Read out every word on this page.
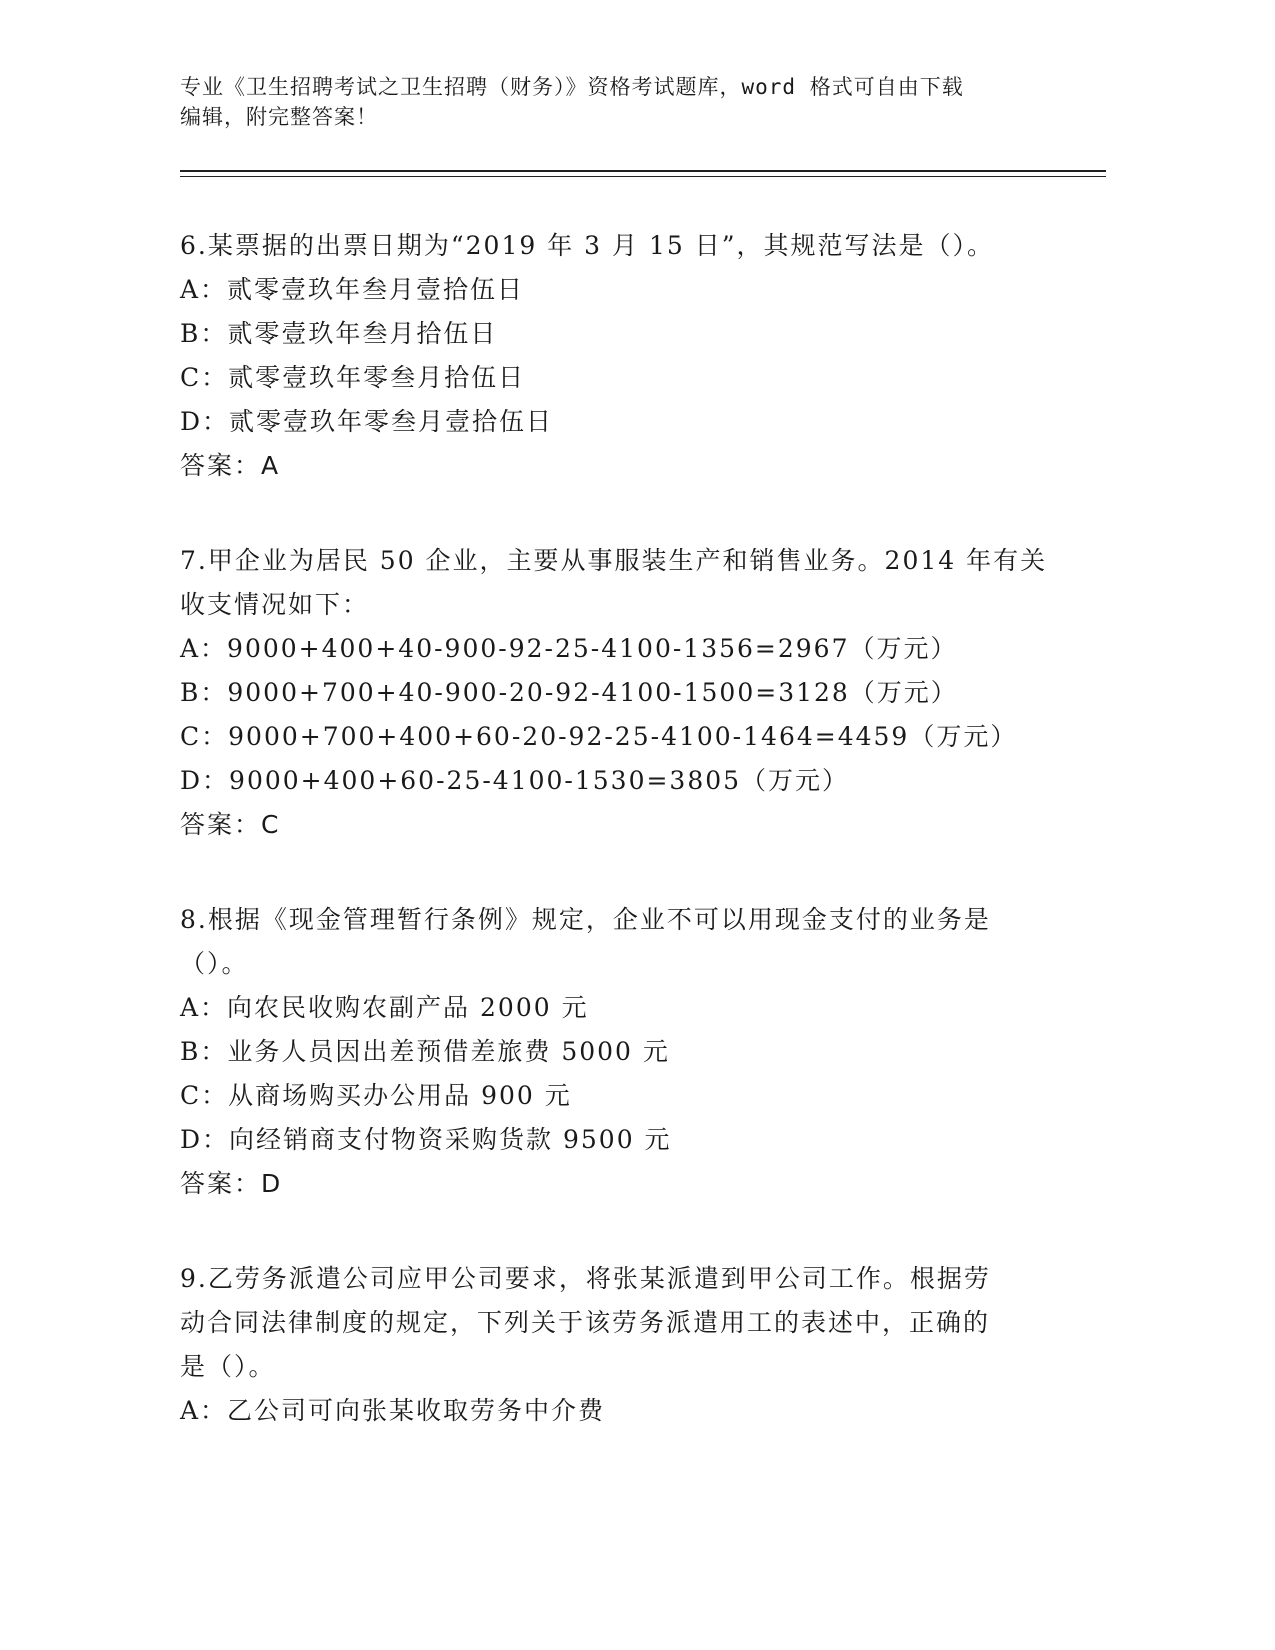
专业《卫生招聘考试之卫生招聘（财务）》资格考试题库，word 格式可自由下载
编辑，附完整答案！
6.某票据的出票日期为“2019 年 3 月 15 日”，其规范写法是（）。
A：贰零壹玖年叁月壹拾伍日
B：贰零壹玖年叁月拾伍日
C：贰零壹玖年零叁月拾伍日
D：贰零壹玖年零叁月壹拾伍日
答案：A
7.甲企业为居民 50 企业，主要从事服装生产和销售业务。2014 年有关
收支情况如下：
A：9000+400+40-900-92-25-4100-1356=2967（万元）
B：9000+700+40-900-20-92-4100-1500=3128（万元）
C：9000+700+400+60-20-92-25-4100-1464=4459（万元）
D：9000+400+60-25-4100-1530=3805（万元）
答案：C
8.根据《现金管理暂行条例》规定，企业不可以用现金支付的业务是
（）。
A：向农民收购农副产品 2000 元
B：业务人员因出差预借差旅费 5000 元
C：从商场购买办公用品 900 元
D：向经销商支付物资采购货款 9500 元
答案：D
9.乙劳务派遣公司应甲公司要求，将张某派遣到甲公司工作。根据劳
动合同法律制度的规定，下列关于该劳务派遣用工的表述中，正确的
是（）。
A：乙公司可向张某收取劳务中介费
